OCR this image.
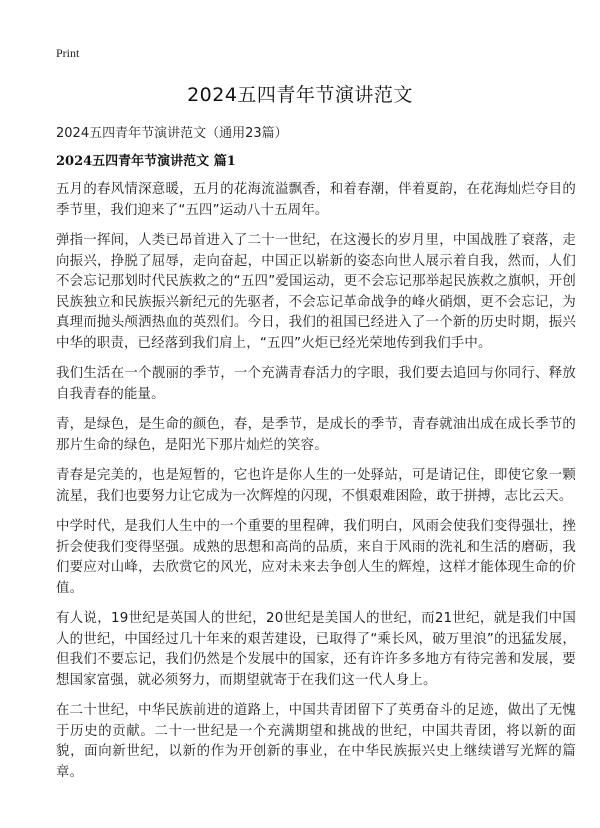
Print
2024五四青年节演讲范文
2024五四青年节演讲范文（通用23篇）
2024五四青年节演讲范文 篇1

五月的春风情深意暖，五月的花海流溢飘香，和着春潮，伴着夏韵，在花海灿烂夺目的季节里，我们迎来了“五四”运动八十五周年。

弹指一挥间，人类已昂首进入了二十一世纪，在这漫长的岁月里，中国战胜了衰落，走向振兴，挣脱了屈辱，走向奋起，中国正以崭新的姿态向世人展示着自我，然而，人们不会忘记那划时代民族救之的“五四”爱国运动，更不会忘记那举起民族救之旗帜，开创民族独立和民族振兴新纪元的先驱者，不会忘记革命战争的峰火硝烟，更不会忘记，为真理而抛头颅洒热血的英烈们。今日，我们的祖国已经进入了一个新的历史时期，振兴中华的职责，已经落到我们肩上，“五四”火炬已经光荣地传到我们手中。

我们生活在一个靓丽的季节，一个充满青春活力的字眼，我们要去追回与你同行、释放自我青春的能量。

青，是绿色，是生命的颜色，春，是季节，是成长的季节，青春就油出成在成长季节的那片生命的绿色，是阳光下那片灿烂的笑容。

青春是完美的，也是短暂的，它也许是你人生的一处驿站，可是请记住，即使它象一颗流星，我们也要努力让它成为一次辉煌的闪现，不惧艰难困险，敢于拼搏，志比云天。

中学时代，是我们人生中的一个重要的里程碑，我们明白，风雨会使我们变得强壮，挫折会使我们变得坚强。成熟的思想和高尚的品质，来自于风雨的洗礼和生活的磨砺，我们要应对山峰，去欣赏它的风光，应对未来去争创人生的辉煌，这样才能体现生命的价值。

有人说，19世纪是英国人的世纪，20世纪是美国人的世纪，而21世纪，就是我们中国人的世纪，中国经过几十年来的艰苦建设，已取得了“乘长风，破万里浪”的迅猛发展，但我们不要忘记，我们仍然是个发展中的国家，还有许许多多地方有待完善和发展，要想国家富强，就必须努力，而期望就寄于在我们这一代人身上。

在二十世纪，中华民族前进的道路上，中国共青团留下了英勇奋斗的足迹，做出了无愧于历史的贡献。二十一世纪是一个充满期望和挑战的世纪，中国共青团，将以新的面貌，面向新世纪，以新的作为开创新的事业，在中华民族振兴史上继续谱写光辉的篇章。
